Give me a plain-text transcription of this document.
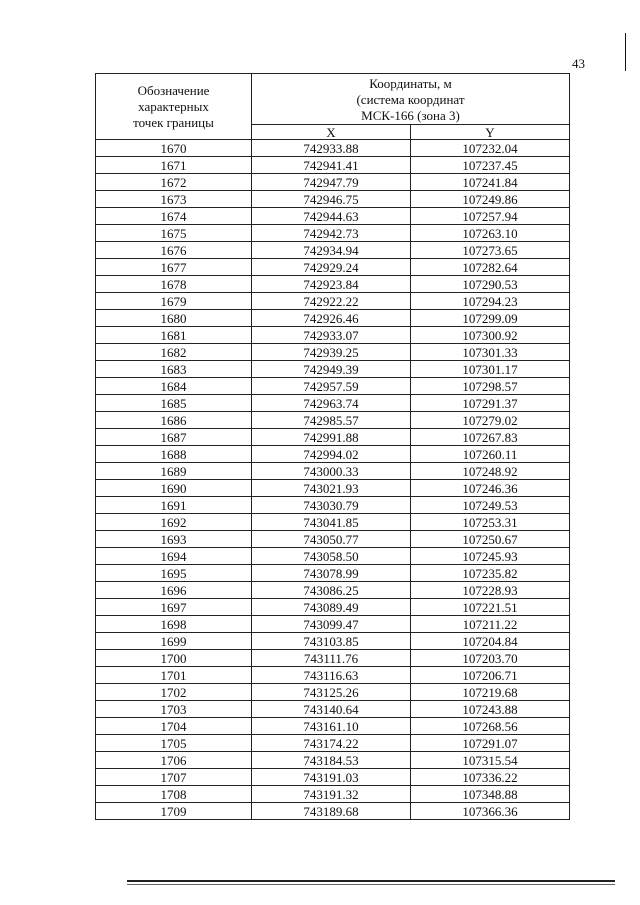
43
Обозначение
характерных
точек границы	Координаты, м
(система координат
МСК-166 (зона 3)	

	X	Y
1670	742933.88	107232.04
1671	742941.41	107237.45
1672	742947.79	107241.84
1673	742946.75	107249.86
1674	742944.63	107257.94
1675	742942.73	107263.10
1676	742934.94	107273.65
1677	742929.24	107282.64
1678	742923.84	107290.53
1679	742922.22	107294.23
1680	742926.46	107299.09
1681	742933.07	107300.92
1682	742939.25	107301.33
1683	742949.39	107301.17
1684	742957.59	107298.57
1685	742963.74	107291.37
1686	742985.57	107279.02
1687	742991.88	107267.83
1688	742994.02	107260.11
1689	743000.33	107248.92
1690	743021.93	107246.36
1691	743030.79	107249.53
1692	743041.85	107253.31
1693	743050.77	107250.67
1694	743058.50	107245.93
1695	743078.99	107235.82
1696	743086.25	107228.93
1697	743089.49	107221.51
1698	743099.47	107211.22
1699	743103.85	107204.84
1700	743111.76	107203.70
1701	743116.63	107206.71
1702	743125.26	107219.68
1703	743140.64	107243.88
1704	743161.10	107268.56
1705	743174.22	107291.07
1706	743184.53	107315.54
1707	743191.03	107336.22
1708	743191.32	107348.88
1709	743189.68	107366.36
